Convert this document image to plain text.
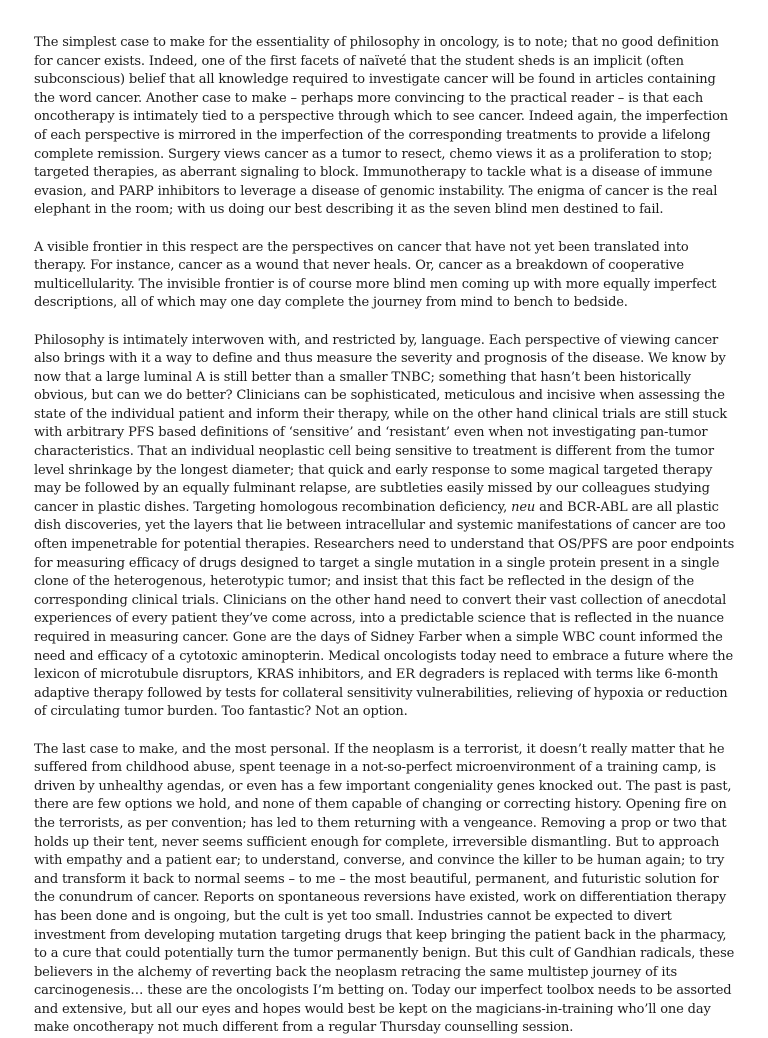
The simplest case to make for the essentiality of philosophy in oncology, is to note; that no good definition for cancer exists. Indeed, one of the first facets of naïveté that the student sheds is an implicit (often subconscious) belief that all knowledge required to investigate cancer will be found in articles containing the word cancer. Another case to make – perhaps more convincing to the practical reader – is that each oncotherapy is intimately tied to a perspective through which to see cancer. Indeed again, the imperfection of each perspective is mirrored in the imperfection of the corresponding treatments to provide a lifelong complete remission. Surgery views cancer as a tumor to resect, chemo views it as a proliferation to stop; targeted therapies, as aberrant signaling to block. Immunotherapy to tackle what is a disease of immune evasion, and PARP inhibitors to leverage a disease of genomic instability. The enigma of cancer is the real elephant in the room; with us doing our best describing it as the seven blind men destined to fail.

A visible frontier in this respect are the perspectives on cancer that have not yet been translated into therapy. For instance, cancer as a wound that never heals. Or, cancer as a breakdown of cooperative multicellularity. The invisible frontier is of course more blind men coming up with more equally imperfect descriptions, all of which may one day complete the journey from mind to bench to bedside.

Philosophy is intimately interwoven with, and restricted by, language. Each perspective of viewing cancer also brings with it a way to define and thus measure the severity and prognosis of the disease. We know by now that a large luminal A is still better than a smaller TNBC; something that hasn’t been historically obvious, but can we do better? Clinicians can be sophisticated, meticulous and incisive when assessing the state of the individual patient and inform their therapy, while on the other hand clinical trials are still stuck with arbitrary PFS based definitions of ‘sensitive’ and ‘resistant’ even when not investigating pan-tumor characteristics. That an individual neoplastic cell being sensitive to treatment is different from the tumor level shrinkage by the longest diameter; that quick and early response to some magical targeted therapy may be followed by an equally fulminant relapse, are subtleties easily missed by our colleagues studying cancer in plastic dishes. Targeting homologous recombination deficiency, neu and BCR-ABL are all plastic dish discoveries, yet the layers that lie between intracellular and systemic manifestations of cancer are too often impenetrable for potential therapies. Researchers need to understand that OS/PFS are poor endpoints for measuring efficacy of drugs designed to target a single mutation in a single protein present in a single clone of the heterogenous, heterotypic tumor; and insist that this fact be reflected in the design of the corresponding clinical trials. Clinicians on the other hand need to convert their vast collection of anecdotal experiences of every patient they’ve come across, into a predictable science that is reflected in the nuance required in measuring cancer. Gone are the days of Sidney Farber when a simple WBC count informed the need and efficacy of a cytotoxic aminopterin. Medical oncologists today need to embrace a future where the lexicon of microtubule disruptors, KRAS inhibitors, and ER degraders is replaced with terms like 6-month adaptive therapy followed by tests for collateral sensitivity vulnerabilities, relieving of hypoxia or reduction of circulating tumor burden. Too fantastic? Not an option.

The last case to make, and the most personal. If the neoplasm is a terrorist, it doesn’t really matter that he suffered from childhood abuse, spent teenage in a not-so-perfect microenvironment of a training camp, is driven by unhealthy agendas, or even has a few important congeniality genes knocked out. The past is past, there are few options we hold, and none of them capable of changing or correcting history. Opening fire on the terrorists, as per convention; has led to them returning with a vengeance. Removing a prop or two that holds up their tent, never seems sufficient enough for complete, irreversible dismantling. But to approach with empathy and a patient ear; to understand, converse, and convince the killer to be human again; to try and transform it back to normal seems – to me – the most beautiful, permanent, and futuristic solution for the conundrum of cancer. Reports on spontaneous reversions have existed, work on differentiation therapy has been done and is ongoing, but the cult is yet too small. Industries cannot be expected to divert investment from developing mutation targeting drugs that keep bringing the patient back in the pharmacy, to a cure that could potentially turn the tumor permanently benign. But this cult of Gandhian radicals, these believers in the alchemy of reverting back the neoplasm retracing the same multistep journey of its carcinogenesis… these are the oncologists I’m betting on. Today our imperfect toolbox needs to be assorted and extensive, but all our eyes and hopes would best be kept on the magicians-in-training who’ll one day make oncotherapy not much different from a regular Thursday counselling session.
